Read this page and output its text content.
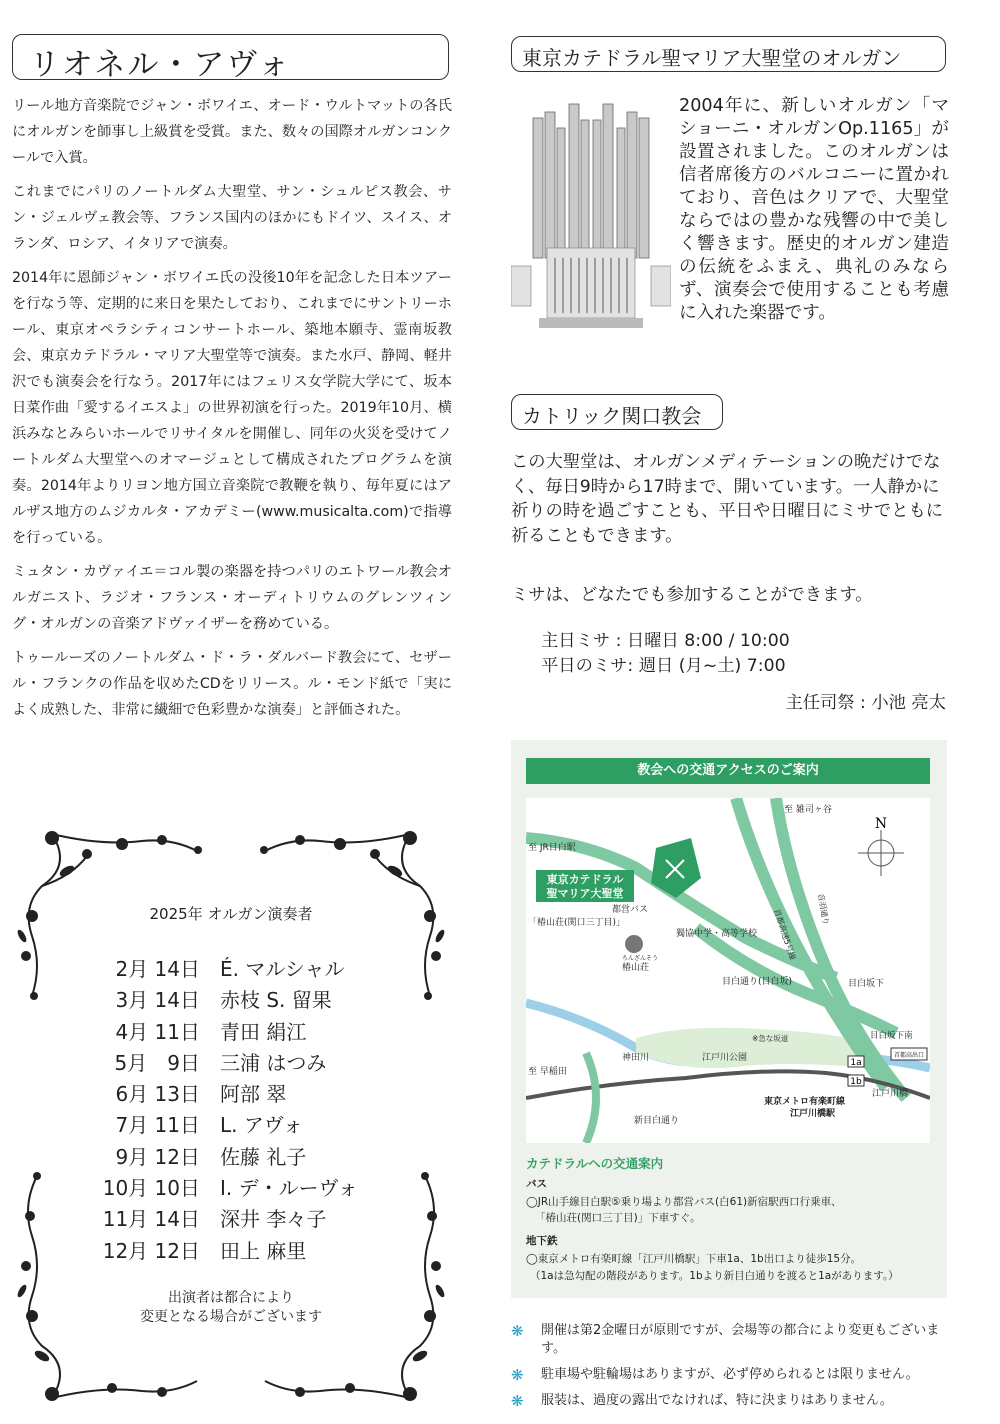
リオネル・アヴォ

リール地方音楽院でジャン・ボワイエ、オード・ウルトマットの各氏にオルガンを師事し上級賞を受賞。また、数々の国際オルガンコンクールで入賞。

これまでにパリのノートルダム大聖堂、サン・シュルピス教会、サン・ジェルヴェ教会等、フランス国内のほかにもドイツ、スイス、オランダ、ロシア、イタリアで演奏。

2014年に恩師ジャン・ボワイエ氏の没後10年を記念した日本ツアーを行なう等、定期的に来日を果たしており、これまでにサントリーホール、東京オペラシティコンサートホール、築地本願寺、霊南坂教会、東京カテドラル・マリア大聖堂等で演奏。また水戸、静岡、軽井沢でも演奏会を行なう。2017年にはフェリス女学院大学にて、坂本日菜作曲「愛するイエスよ」の世界初演を行った。2019年10月、横浜みなとみらいホールでリサイタルを開催し、同年の火災を受けてノートルダム大聖堂へのオマージュとして構成されたプログラムを演奏。2014年よりリヨン地方国立音楽院で教鞭を執り、毎年夏にはアルザス地方のムジカルタ・アカデミー(www.musicalta.com)で指導を行っている。

ミュタン・カヴァイエ＝コル製の楽器を持つパリのエトワール教会オルガニスト、ラジオ・フランス・オーディトリウムのグレンツィング・オルガンの音楽アドヴァイザーを務めている。

トゥールーズのノートルダム・ド・ラ・ダルバード教会にて、セザール・フランクの作品を収めたCDをリリース。ル・モンド紙で「実によく成熟した、非常に繊細で色彩豊かな演奏」と評価された。

2025年 オルガン演奏者
2月 14日	É. マルシャル
3月 14日	赤枝 S. 留果
4月 11日	青田 絹江
5月　9日	三浦 はつみ
6月 13日	阿部 翠
7月 11日	L. アヴォ
9月 12日	佐藤 礼子
10月 10日	I. デ・ルーヴォ
11月 14日	深井 李々子
12月 12日	田上 麻里
出演者は都合により
変更となる場合がございます
東京カテドラル聖マリア大聖堂のオルガン
2004年に、新しいオルガン「マショーニ・オルガンOp.1165」が設置されました。このオルガンは信者席後方のバルコニーに置かれており、音色はクリアで、大聖堂ならではの豊かな残響の中で美しく響きます。歴史的オルガン建造の伝統をふまえ、典礼のみならず、演奏会で使用することも考慮に入れた楽器です。
カトリック関口教会
この大聖堂は、オルガンメディテーションの晩だけでなく、毎日9時から17時まで、開いています。一人静かに祈りの時を過ごすことも、平日や日曜日にミサでともに祈ることもできます。
ミサは、どなたでも参加することができます。
主日ミサ : 日曜日 8:00 / 10:00
平日のミサ: 週日 (月~土) 7:00
主任司祭 : 小池 亮太
教会への交通アクセスのご案内
東京カテドラル
聖マリア大聖堂
N
1a
1b
首都高出口
至 JR目白駅
至 雑司ヶ谷
都営バス
「椿山荘(関口三丁目)」
獨協中学・高等学校
ちんざんそう
椿山荘
目白通り(目白坂)	目白坂下
※急な坂道	目白坂下南
神田川	江戸川公園
至 早稲田
新目白通り
江戸川橋
東京メトロ有楽町線
江戸川橋駅
音羽通り
首都高速5号線
カテドラルへの交通案内
バス
◯JR山手線目白駅⑤乗り場より都営バス(白61)新宿駅西口行乗車、
「椿山荘(関口三丁目)」下車すぐ。
地下鉄
◯東京メトロ有楽町線「江戸川橋駅」下車1a、1b出口より徒歩15分。
（1aは急勾配の階段があります。1bより新目白通りを渡ると1aがあります。）
❋	開催は第2金曜日が原則ですが、会場等の都合により変更もございます。
❋	駐車場や駐輪場はありますが、必ず停められるとは限りません。
❋	服装は、過度の露出でなければ、特に決まりはありません。
